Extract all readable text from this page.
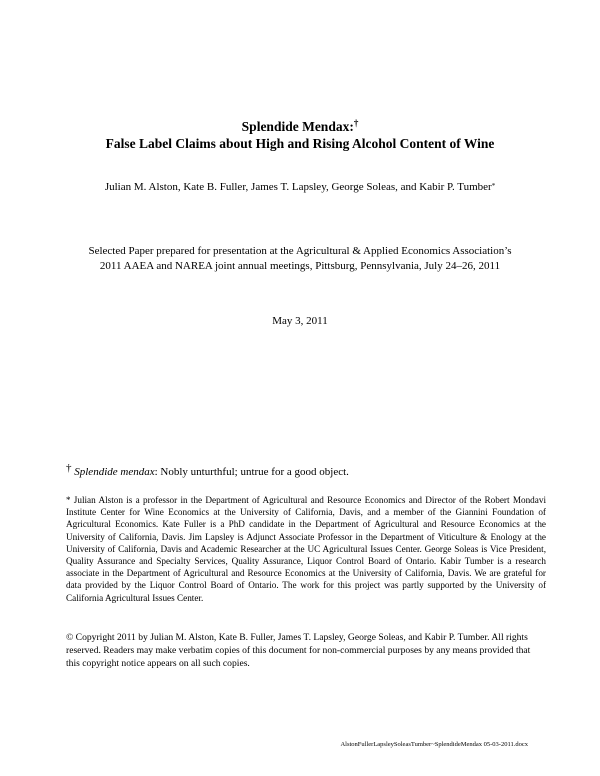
Splendide Mendax:†
False Label Claims about High and Rising Alcohol Content of Wine
Julian M. Alston, Kate B. Fuller, James T. Lapsley, George Soleas, and Kabir P. Tumber*
Selected Paper prepared for presentation at the Agricultural & Applied Economics Association’s
2011 AAEA and NAREA joint annual meetings, Pittsburg, Pennsylvania, July 24–26, 2011
May 3, 2011
† Splendide mendax: Nobly unturthful; untrue for a good object.
* Julian Alston is a professor in the Department of Agricultural and Resource Economics and Director of the Robert Mondavi Institute Center for Wine Economics at the University of California, Davis, and a member of the Giannini Foundation of Agricultural Economics. Kate Fuller is a PhD candidate in the Department of Agricultural and Resource Economics at the University of California, Davis. Jim Lapsley is Adjunct Associate Professor in the Department of Viticulture & Enology at the University of California, Davis and Academic Researcher at the UC Agricultural Issues Center. George Soleas is Vice President, Quality Assurance and Specialty Services, Quality Assurance, Liquor Control Board of Ontario. Kabir Tumber is a research associate in the Department of Agricultural and Resource Economics at the University of California, Davis. We are grateful for data provided by the Liquor Control Board of Ontario. The work for this project was partly supported by the University of California Agricultural Issues Center.
© Copyright 2011 by Julian M. Alston, Kate B. Fuller, James T. Lapsley, George Soleas, and Kabir P. Tumber. All rights reserved. Readers may make verbatim copies of this document for non-commercial purposes by any means provided that this copyright notice appears on all such copies.
AlstonFullerLapsleySoleasTumber~SplendideMendax 05-03-2011.docx
